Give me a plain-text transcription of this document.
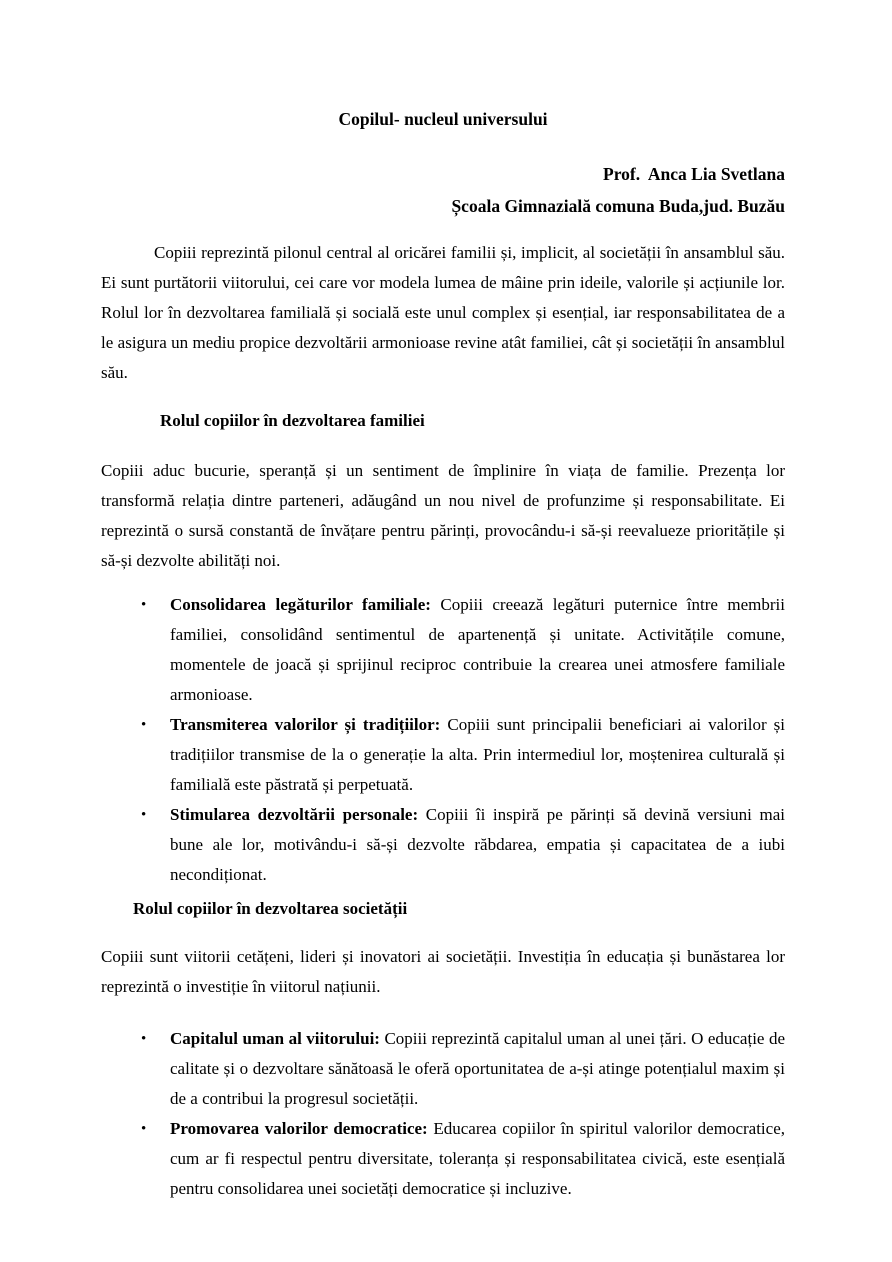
Copilul- nucleul universului

Prof.  Anca Lia Svetlana

Școala Gimnazială comuna Buda,jud. Buzău

Copiii reprezintă pilonul central al oricărei familii și, implicit, al societății în ansamblul său. Ei sunt purtătorii viitorului, cei care vor modela lumea de mâine prin ideile, valorile și acțiunile lor. Rolul lor în dezvoltarea familială și socială este unul complex și esențial, iar responsabilitatea de a le asigura un mediu propice dezvoltării armonioase revine atât familiei, cât și societății în ansamblul său.

Rolul copiilor în dezvoltarea familiei

Copiii aduc bucurie, speranță și un sentiment de împlinire în viața de familie. Prezența lor transformă relația dintre parteneri, adăugând un nou nivel de profunzime și responsabilitate. Ei reprezintă o sursă constantă de învățare pentru părinți, provocându-i să-și reevalueze prioritățile și să-și dezvolte abilități noi.

• Consolidarea legăturilor familiale: Copiii creează legături puternice între membrii familiei, consolidând sentimentul de apartenență și unitate. Activitățile comune, momentele de joacă și sprijinul reciproc contribuie la crearea unei atmosfere familiale armonioase.
• Transmiterea valorilor și tradițiilor: Copiii sunt principalii beneficiari ai valorilor și tradițiilor transmise de la o generație la alta. Prin intermediul lor, moștenirea culturală și familială este păstrată și perpetuată.
• Stimularea dezvoltării personale: Copiii îi inspiră pe părinți să devină versiuni mai bune ale lor, motivându-i să-și dezvolte răbdarea, empatia și capacitatea de a iubi necondiționat.
Rolul copiilor în dezvoltarea societății

Copiii sunt viitorii cetățeni, lideri și inovatori ai societății. Investiția în educația și bunăstarea lor reprezintă o investiție în viitorul națiunii.

• Capitalul uman al viitorului: Copiii reprezintă capitalul uman al unei țări. O educație de calitate și o dezvoltare sănătoasă le oferă oportunitatea de a-și atinge potențialul maxim și de a contribui la progresul societății.
• Promovarea valorilor democratice: Educarea copiilor în spiritul valorilor democratice, cum ar fi respectul pentru diversitate, toleranța și responsabilitatea civică, este esențială pentru consolidarea unei societăți democratice și incluzive.
